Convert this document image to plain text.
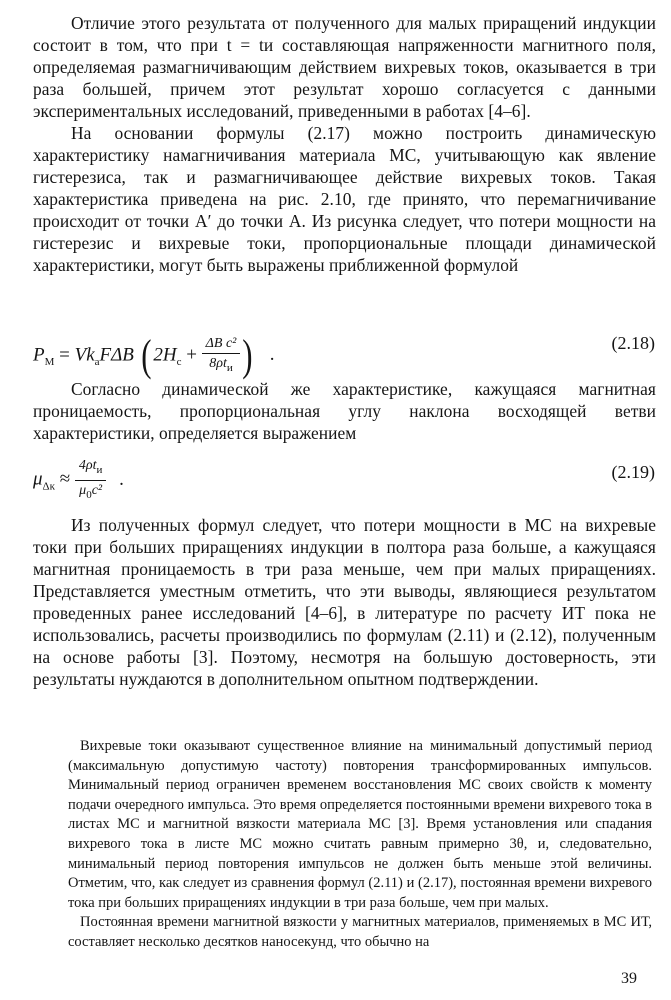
Отличие этого результата от полученного для малых приращений индукции состоит в том, что при t = tи составляющая напряженности магнитного поля, определяемая размагничивающим действием вихревых токов, оказывается в три раза большей, причем этот результат хорошо согласуется с данными экспериментальных исследований, приведенными в работах [4–6].

На основании формулы (2.17) можно построить динамическую характеристику намагничивания материала МС, учитывающую как явление гистерезиса, так и размагничивающее действие вихревых токов. Такая характеристика приведена на рис. 2.10, где принято, что перемагничивание происходит от точки A′ до точки A. Из рисунка следует, что потери мощности на гистерезис и вихревые токи, пропорциональные площади динамической характеристики, могут быть выражены приближенной формулой

$P_М = Vk_aF\Delta B$ ( $2H_c + \frac{\text{ΔB c²}}{8\rho t_и}$ ) .
(2.18)

Согласно динамической же характеристике, кажущаяся магнитная проницаемость, пропорциональная углу наклона восходящей ветви характеристики, определяется выражением

$\mu_{\Delta к} \approx \frac{4\rho t_и}{\mu_0c^2}$ .	(2.19)

Из полученных формул следует, что потери мощности в МС на вихревые токи при больших приращениях индукции в полтора раза больше, а кажущаяся магнитная проницаемость в три раза меньше, чем при малых приращениях. Представляется уместным отметить, что эти выводы, являющиеся результатом проведенных ранее исследований [4–6], в литературе по расчету ИТ пока не использовались, расчеты производились по формулам (2.11) и (2.12), полученным на основе работы [3]. Поэтому, несмотря на большую достоверность, эти результаты нуждаются в дополнительном опытном подтверждении.

Вихревые токи оказывают существенное влияние на минимальный допустимый период (максимальную допустимую частоту) повторения трансформированных импульсов. Минимальный период ограничен временем восстановления МС своих свойств к моменту подачи очередного импульса. Это время определяется постоянными времени вихревого тока в листах МС и магнитной вязкости материала МС [3]. Время установления или спадания вихревого тока в листе МС можно считать равным примерно 3θ, и, следовательно, минимальный период повторения импульсов не должен быть меньше этой величины. Отметим, что, как следует из сравнения формул (2.11) и (2.17), постоянная времени вихревого тока при больших приращениях индукции в три раза больше, чем при малых.

Постоянная времени магнитной вязкости у магнитных материалов, применяемых в МС ИТ, составляет несколько десятков наносекунд, что обычно на

39
